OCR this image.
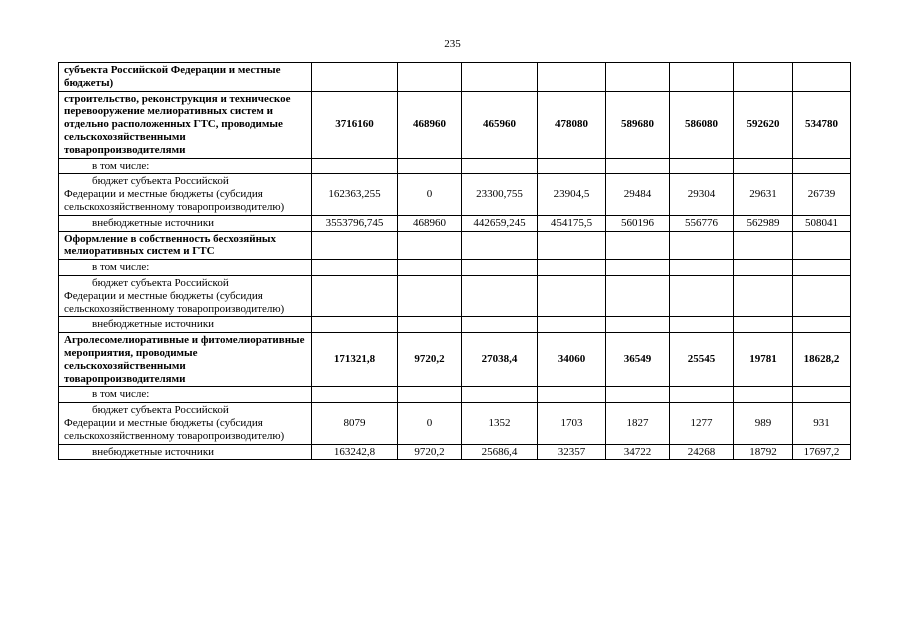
235
субъекта Российской Федерации и местные бюджеты)								
строительство, реконструкция и техническое перевооружение мелиоративных систем и отдельно расположенных ГТС, проводимые сельскохозяйственными товаропроизводителями	3716160	468960	465960	478080	589680	586080	592620	534780
в том числе:								

бюджет субъекта Российской
Федерации и местные бюджеты (субсидия сельскохозяйственному товаропроизводителю)	162363,255	0	23300,755	23904,5	29484	29304	29631	26739
внебюджетные источники	3553796,745	468960	442659,245	454175,5	560196	556776	562989	508041
Оформление в собственность бесхозяйных мелиоративных систем и ГТС								
в том числе:								

бюджет субъекта Российской
Федерации и местные бюджеты (субсидия сельскохозяйственному товаропроизводителю)								
внебюджетные источники								
Агролесомелиоративные и фитомелиоративные мероприятия, проводимые сельскохозяйственными товаропроизводителями	171321,8	9720,2	27038,4	34060	36549	25545	19781	18628,2
в том числе:								

бюджет субъекта Российской
Федерации и местные бюджеты (субсидия сельскохозяйственному товаропроизводителю)	8079	0	1352	1703	1827	1277	989	931
внебюджетные источники	163242,8	9720,2	25686,4	32357	34722	24268	18792	17697,2
